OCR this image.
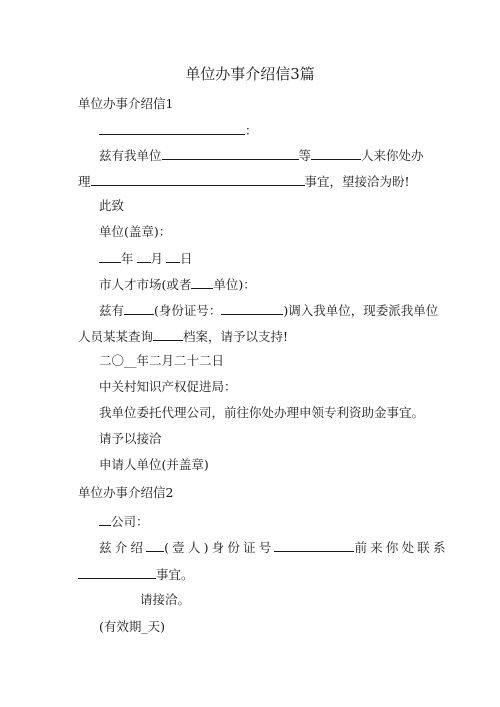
单位办事介绍信3篇
单位办事介绍信1
：
兹有我单位	等	人来你处办
理	事宜，望接洽为盼!
此致
单位(盖章)：
年 月 日
市人才市场(或者 单位)：
兹有 (身份证号：	)调入我单位，现委派我单位
人员某某查询 档案，请予以支持!
二〇__年二月二十二日
中关村知识产权促进局：
我单位委托代理公司，前往你处办理申领专利资助金事宜。
请予以接洽
申请人单位(并盖章)
单位办事介绍信2
公司：
兹介绍 (壹人)身份证号	前来你处联系
事宜。
请接洽。
(有效期_天)
